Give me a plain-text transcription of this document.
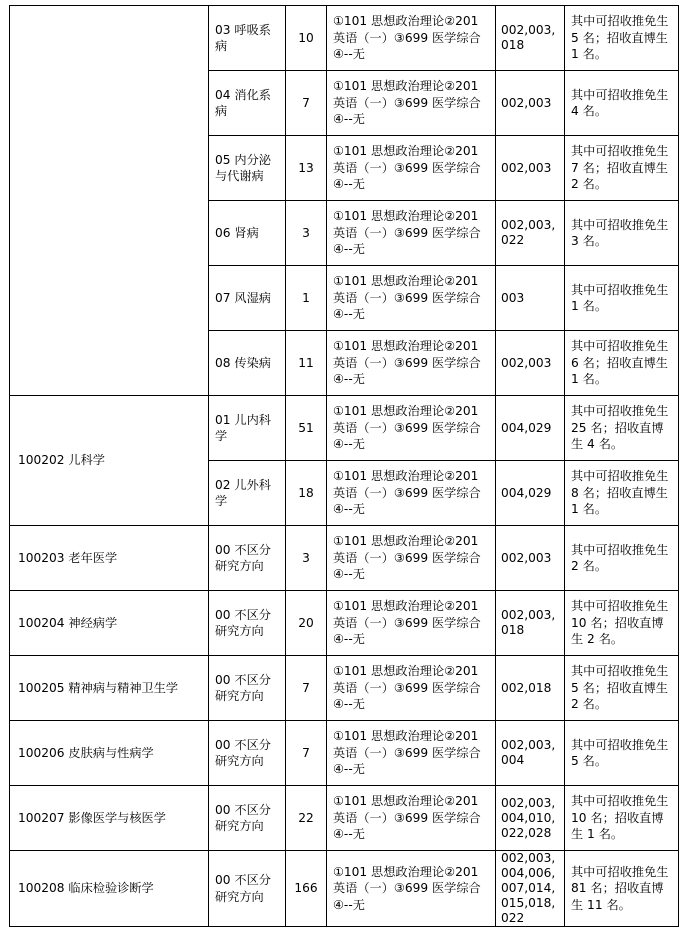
	03 呼吸系病	10	①101 思想政治理论②201 英语（一）③699 医学综合④--无	002,003,018	其中可招收推免生 5 名；招收直博生 1 名。
	04 消化系病	7	①101 思想政治理论②201 英语（一）③699 医学综合④--无	002,003	其中可招收推免生 4 名。
	05 内分泌与代谢病	13	①101 思想政治理论②201 英语（一）③699 医学综合④--无	002,003	其中可招收推免生 7 名；招收直博生 2 名。
	06 肾病	3	①101 思想政治理论②201 英语（一）③699 医学综合④--无	002,003,022	其中可招收推免生 3 名。
	07 风湿病	1	①101 思想政治理论②201 英语（一）③699 医学综合④--无	003	其中可招收推免生 1 名。
	08 传染病	11	①101 思想政治理论②201 英语（一）③699 医学综合④--无	002,003	其中可招收推免生 6 名；招收直博生 1 名。
100202 儿科学	01 儿内科学	51	①101 思想政治理论②201 英语（一）③699 医学综合④--无	004,029	其中可招收推免生 25 名；招收直博生 4 名。
	02 儿外科学	18	①101 思想政治理论②201 英语（一）③699 医学综合④--无	004,029	其中可招收推免生 8 名；招收直博生 1 名。
100203 老年医学	00 不区分研究方向	3	①101 思想政治理论②201 英语（一）③699 医学综合④--无	002,003	其中可招收推免生 2 名。
100204 神经病学	00 不区分研究方向	20	①101 思想政治理论②201 英语（一）③699 医学综合④--无	002,003,018	其中可招收推免生 10 名；招收直博生 2 名。
100205 精神病与精神卫生学	00 不区分研究方向	7	①101 思想政治理论②201 英语（一）③699 医学综合④--无	002,018	其中可招收推免生 5 名；招收直博生 2 名。
100206 皮肤病与性病学	00 不区分研究方向	7	①101 思想政治理论②201 英语（一）③699 医学综合④--无	002,003,004	其中可招收推免生 5 名。
100207 影像医学与核医学	00 不区分研究方向	22	①101 思想政治理论②201 英语（一）③699 医学综合④--无	002,003,004,010,022,028	其中可招收推免生 10 名；招收直博生 1 名。
100208 临床检验诊断学	00 不区分研究方向	166	①101 思想政治理论②201 英语（一）③699 医学综合④--无	002,003,004,006,007,014,015,018,022	其中可招收推免生 81 名；招收直博生 11 名。
